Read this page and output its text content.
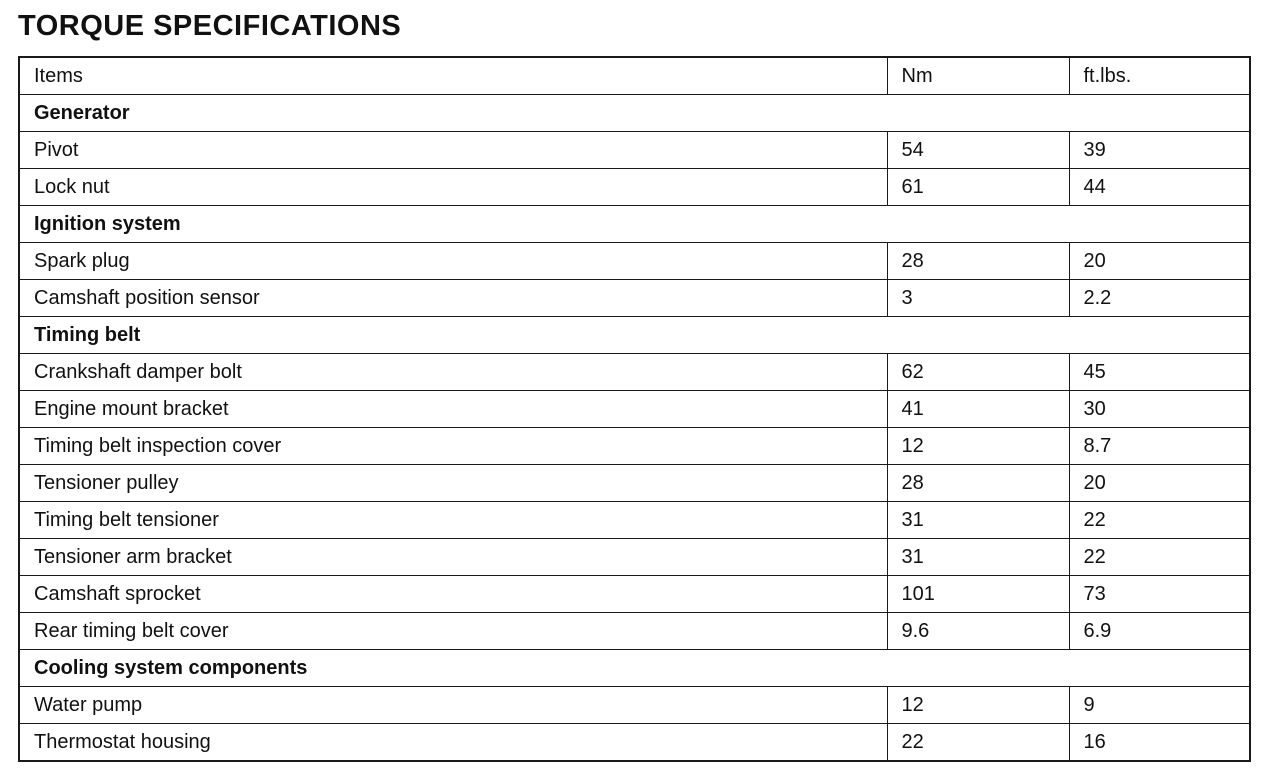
TORQUE SPECIFICATIONS
Items	Nm	ft.lbs.
Generator		
Pivot	54	39
Lock nut	61	44
Ignition system		
Spark plug	28	20
Camshaft position sensor	3	2.2
Timing belt		
Crankshaft damper bolt	62	45
Engine mount bracket	41	30
Timing belt inspection cover	12	8.7
Tensioner pulley	28	20
Timing belt tensioner	31	22
Tensioner arm bracket	31	22
Camshaft sprocket	101	73
Rear timing belt cover	9.6	6.9
Cooling system components		
Water pump	12	9
Thermostat housing	22	16
